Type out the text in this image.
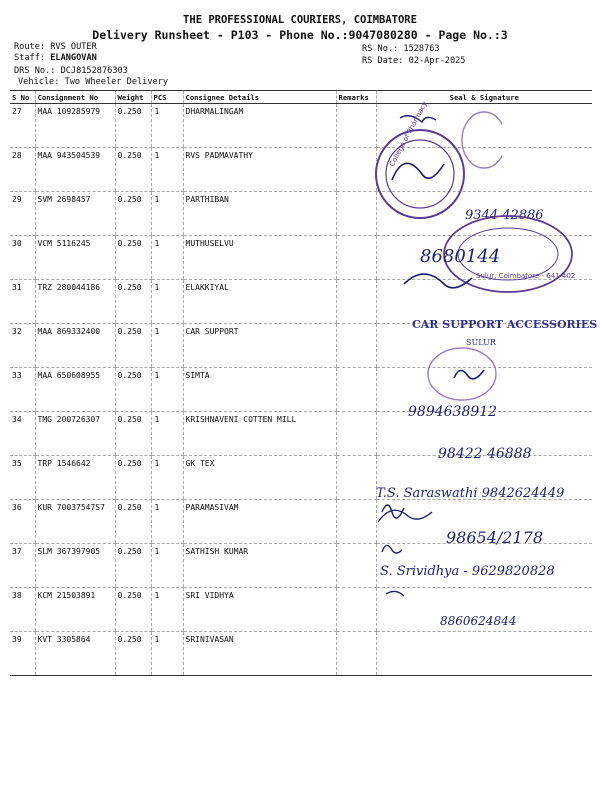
THE PROFESSIONAL COURIERS, COIMBATORE
Delivery Runsheet - P103 - Phone No.:9047080280 - Page No.:3
Route: RVS OUTER
Staff: ELANGOVAN
DRS No.: DCJ8152876303
Vehicle: Two Wheeler Delivery
RS No.: 1528763
RS Date: 02-Apr-2025
S No	Consignment No	Weight	PCS	Consignee Details	Remarks	Seal & Signature
27	MAA 109285979	0.250	1	DHARMALINGAM		
28	MAA 943504539	0.250	1	RVS PADMAVATHY		
29	SVM 2698457	0.250	1	PARTHIBAN		
30	VCM 5116245	0.250	1	MUTHUSELVU		
31	TRZ 280044186	0.250	1	ELAKKIYAL		
32	MAA 869332400	0.250	1	CAR SUPPORT		
33	MAA 650608955	0.250	1	SIMTA		
34	TMG 200726307	0.250	1	KRISHNAVENI COTTEN MILL		
35	TRP 1546642	0.250	1	GK TEX		
36	KUR 70037547S7	0.250	1	PARAMASIVAM		
37	SLM 367397905	0.250	1	SATHISH KUMAR		
38	KCM 21503891	0.250	1	SRI VIDHYA		
39	KVT 3305864	0.250	1	SRINIVASAN		
College of Pharmacy
9344 42886
8680144
Sulur, Coimbatore - 641 402
CAR SUPPORT ACCESSORIES
SULUR
9894638912
98422 46888
T.S. Saraswathi 9842624449
98654/2178
S. Srividhya - 9629820828
8860624844
